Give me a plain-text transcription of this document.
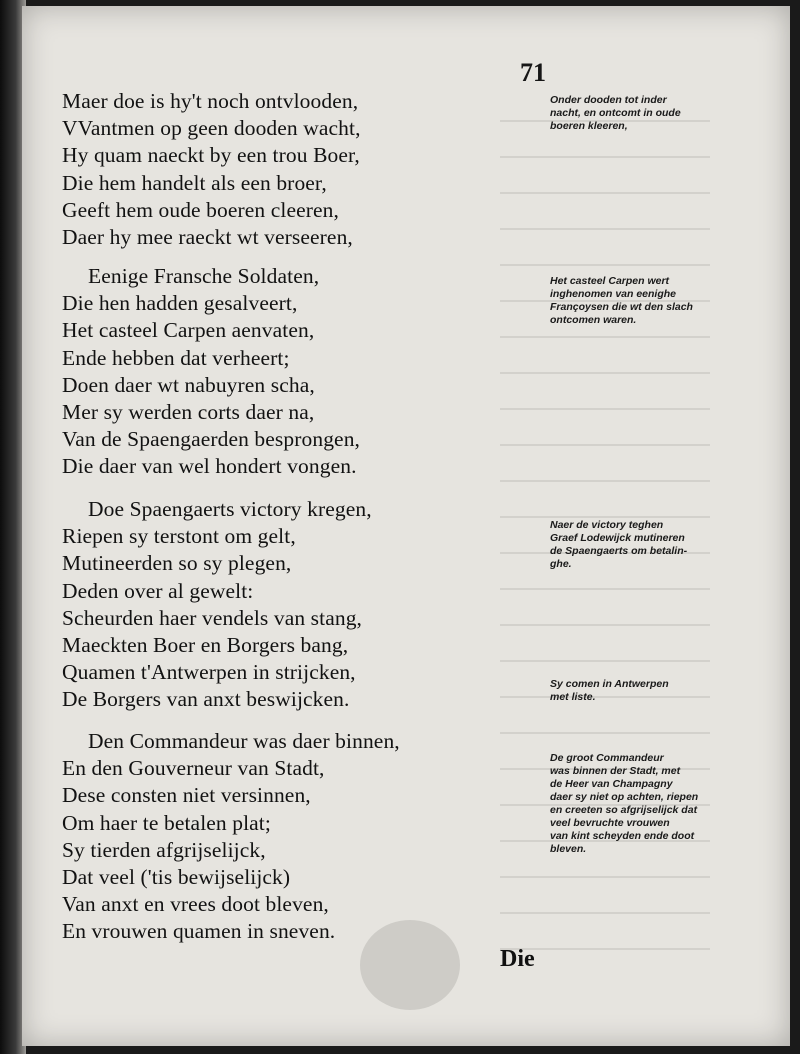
71
Maer doe is hy't noch ontvlooden,
VVantmen op geen dooden wacht,
Hy quam naeckt by een trou Boer,
Die hem handelt als een broer,
Geeft hem oude boeren cleeren,
Daer hy mee raeckt wt verseeren,
Eenige Fransche Soldaten,
Die hen hadden gesalveert,
Het casteel Carpen aenvaten,
Ende hebben dat verheert;
Doen daer wt nabuyren scha,
Mer sy werden corts daer na,
Van de Spaengaerden besprongen,
Die daer van wel hondert vongen.
Doe Spaengaerts victory kregen,
Riepen sy terstont om gelt,
Mutineerden so sy plegen,
Deden over al gewelt:
Scheurden haer vendels van stang,
Maeckten Boer en Borgers bang,
Quamen t'Antwerpen in strijcken,
De Borgers van anxt beswijcken.
Den Commandeur was daer binnen,
En den Gouverneur van Stadt,
Dese consten niet versinnen,
Om haer te betalen plat;
Sy tierden afgrijselijck,
Dat veel ('tis bewijselijck)
Van anxt en vrees doot bleven,
En vrouwen quamen in sneven.
Onder dooden tot inder
nacht, en ontcomt in oude
boeren kleeren,
Het casteel Carpen wert
inghenomen van eenighe
Françoysen die wt den slach
ontcomen waren.
Naer de victory teghen
Graef Lodewijck mutineren
de Spaengaerts om betalin-
ghe.
Sy comen in Antwerpen
met liste.
De groot Commandeur
was binnen der Stadt, met
de Heer van Champagny
daer sy niet op achten, riepen
en creeten so afgrijselijck dat
veel bevruchte vrouwen
van kint scheyden ende doot
bleven.
Die
